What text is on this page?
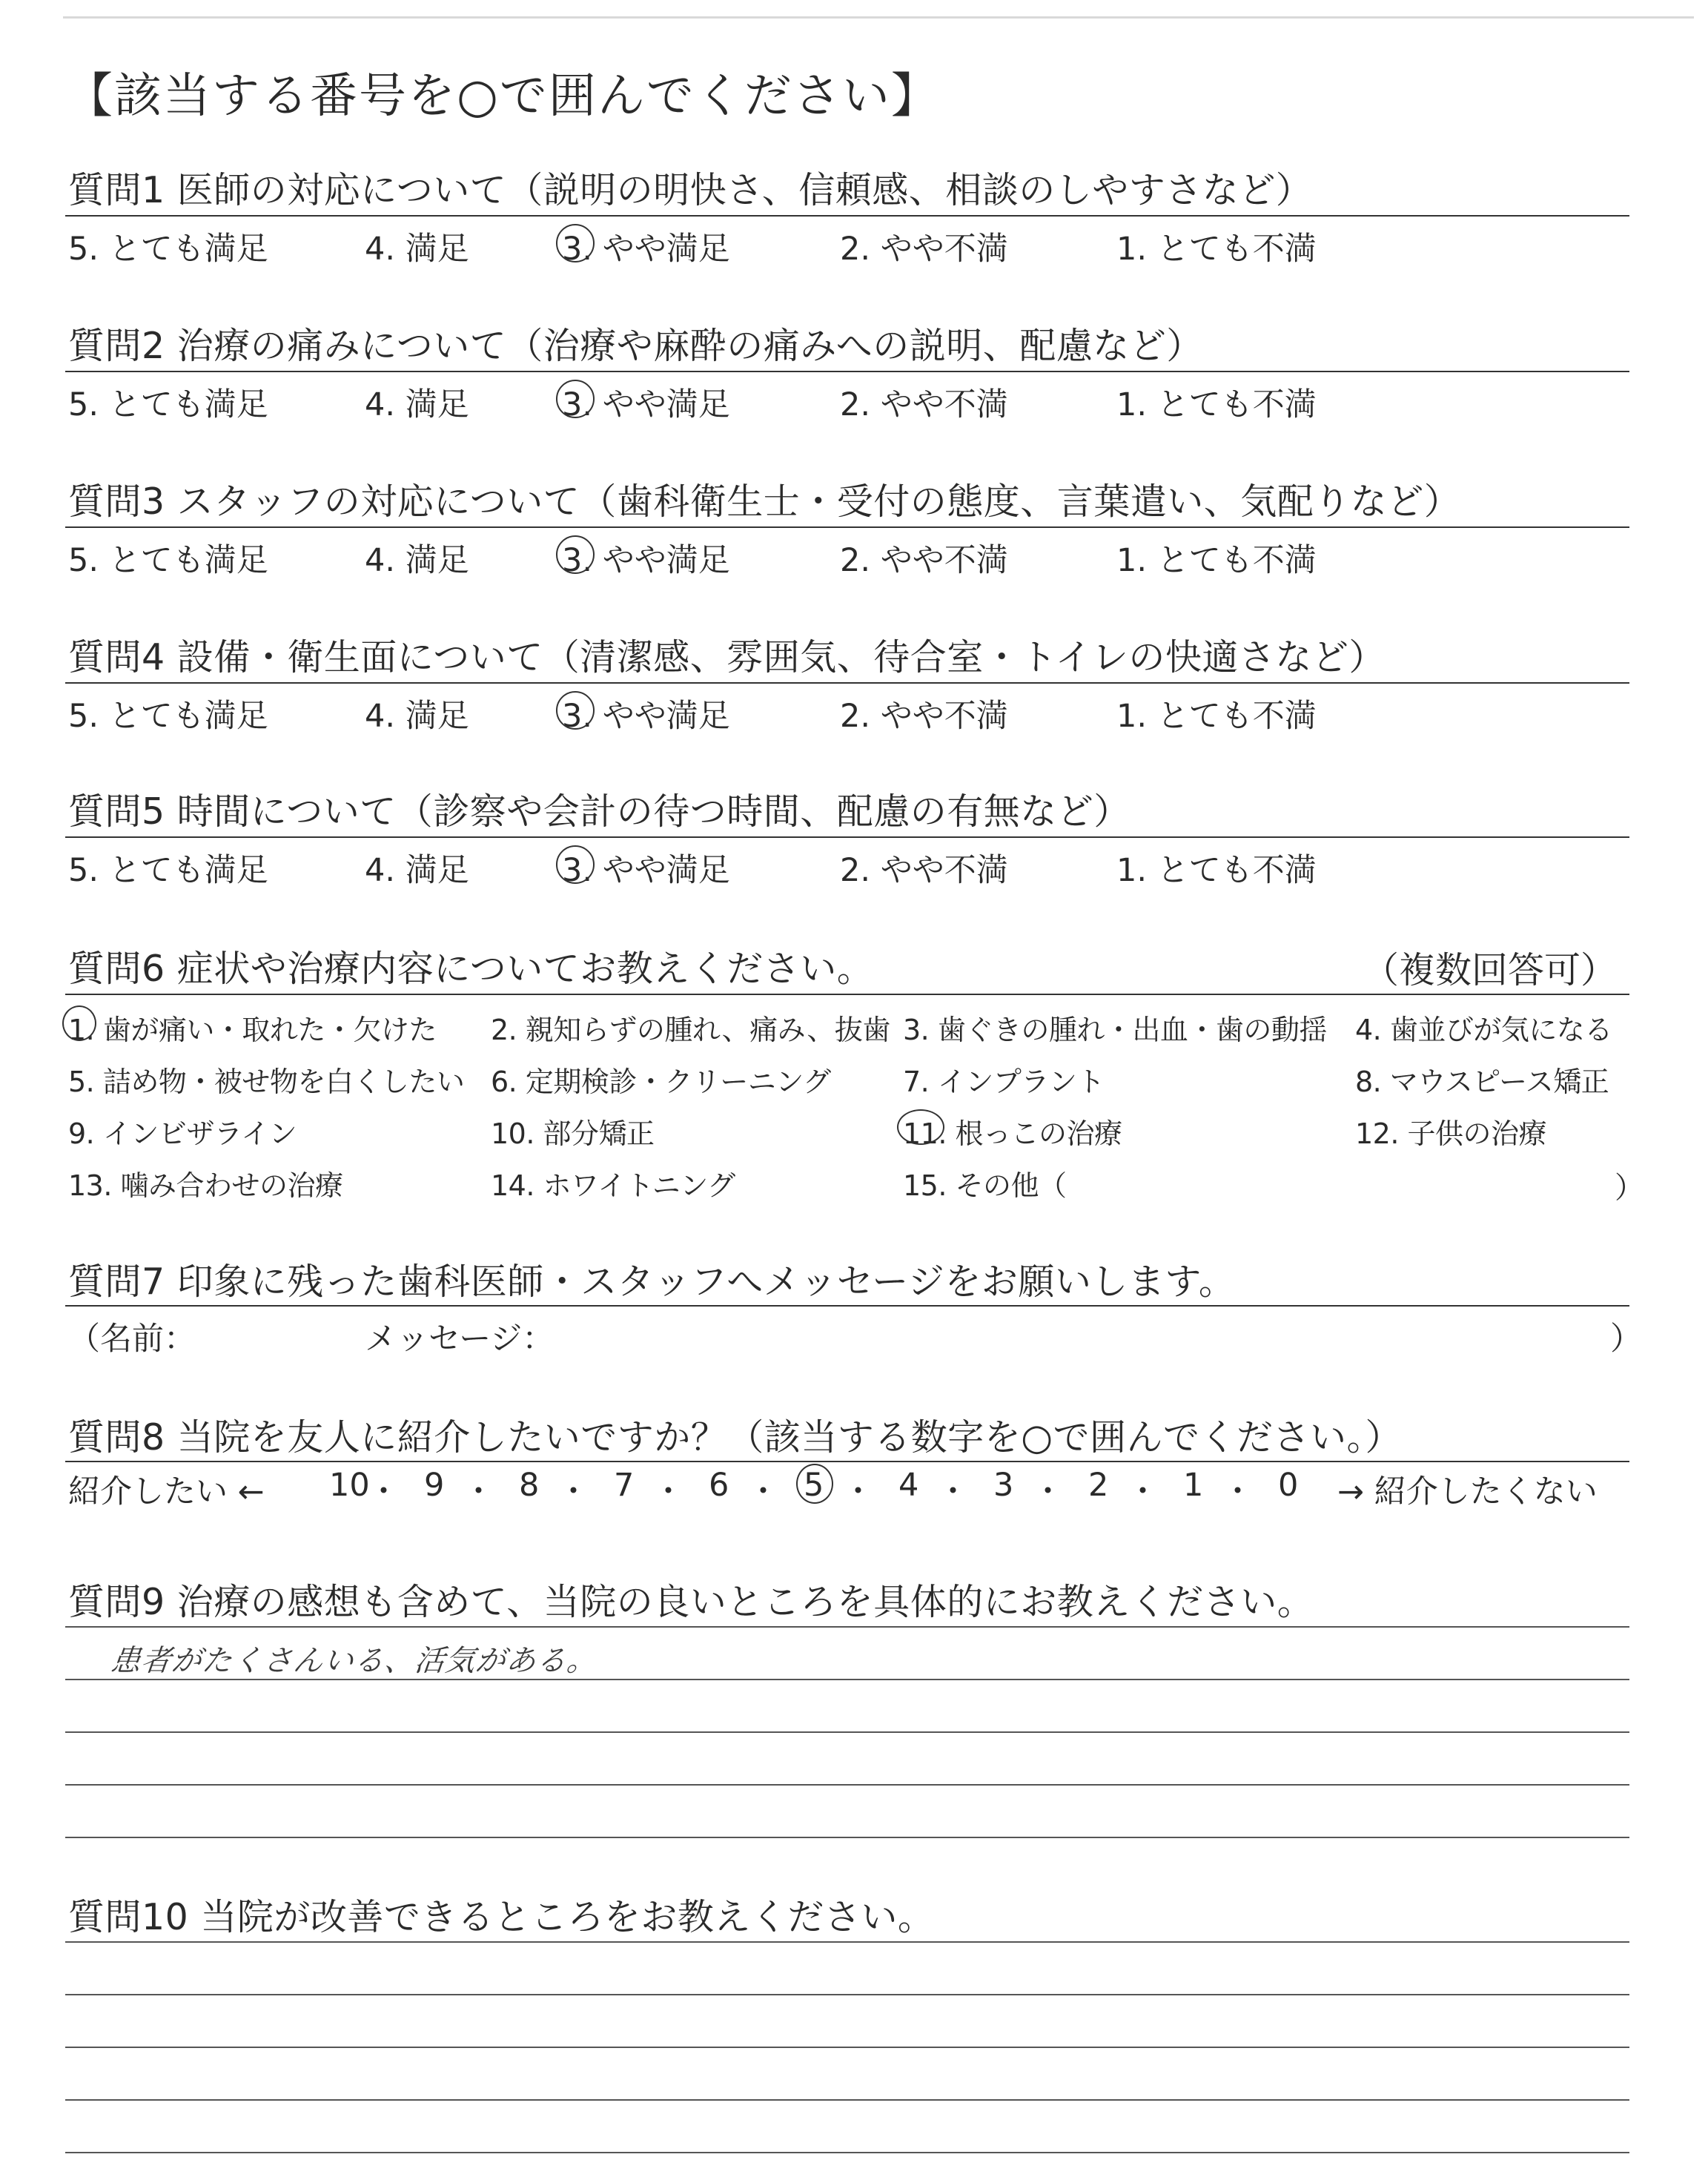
【該当する番号を○で囲んでください】
質問1 医師の対応について（説明の明快さ、信頼感、相談のしやすさなど）
5. とても満足	4. 満足	3. やや満足	2. やや不満	1. とても不満
質問2 治療の痛みについて（治療や麻酔の痛みへの説明、配慮など）
5. とても満足	4. 満足	3. やや満足	2. やや不満	1. とても不満
質問3 スタッフの対応について（歯科衛生士・受付の態度、言葉遣い、気配りなど）
5. とても満足	4. 満足	3. やや満足	2. やや不満	1. とても不満
質問4 設備・衛生面について（清潔感、雰囲気、待合室・トイレの快適さなど）
5. とても満足	4. 満足	3. やや満足	2. やや不満	1. とても不満
質問5 時間について（診察や会計の待つ時間、配慮の有無など）
5. とても満足	4. 満足	3. やや満足	2. やや不満	1. とても不満
質問6 症状や治療内容についてお教えください。	（複数回答可）
1. 歯が痛い・取れた・欠けた 2. 親知らずの腫れ、痛み、抜歯 3. 歯ぐきの腫れ・出血・歯の動揺 4. 歯並びが気になる
5. 詰め物・被せ物を白くしたい 6. 定期検診・クリーニング	7. インプラント	8. マウスピース矯正
9. インビザライン	10. 部分矯正	11. 根っこの治療	12. 子供の治療
13. 噛み合わせの治療	14. ホワイトニング	15. その他（	）
質問7 印象に残った歯科医師・スタッフへメッセージをお願いします。
（名前：	メッセージ：	）
質問8 当院を友人に紹介したいですか？（該当する数字を○で囲んでください。）
紹介したい ← 10
・ 9 ・ 8 ・ 7 ・ 6 ・ 5 ・ 4 ・ 3 ・ 2 ・ 1 ・ 0 → 紹介したくない
質問9 治療の感想も含めて、当院の良いところを具体的にお教えください。
患者がたくさんいる、活気がある。
質問10 当院が改善できるところをお教えください。
